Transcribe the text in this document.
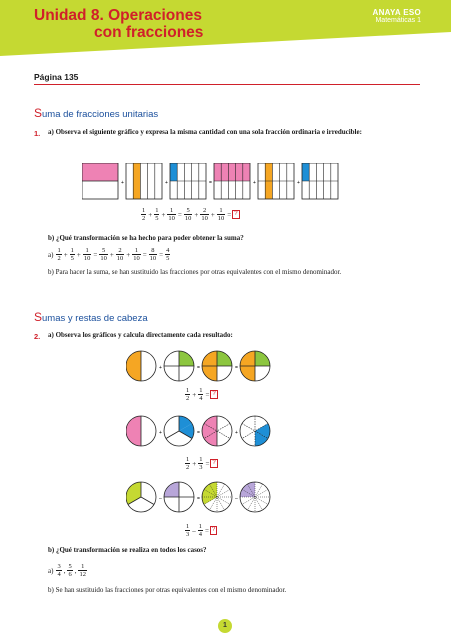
Unidad 8. Operaciones
con fracciones
ANAYA ESO
Matemáticas 1
Página 135
Suma de fracciones unitarias
1. a) Observa el siguiente gráfico y expresa la misma cantidad con una sola fracción ordinaria e irreducible:
+	+	=	+	+
$\frac{1}{2} + \frac{1}{5} + \frac{1}{10} = \frac{5}{10} + \frac{2}{10} + \frac{1}{10}$ = ?
b) ¿Qué transformación se ha hecho para poder obtener la suma?
$a) \frac{1}{2} + \frac{1}{5} + \frac{1}{10} = \frac{5}{10} + \frac{2}{10} + \frac{1}{10} = \frac{8}{10} = \frac{4}{5}$
b) Para hacer la suma, se han sustituido las fracciones por otras equivalentes con el mismo denominador.
Sumas y restas de cabeza
2. a) Observa los gráficos y calcula directamente cada resultado:
+	=	=
$\frac{1}{2} + \frac{1}{4}$ = ?
+	=	+
$\frac{1}{2} + \frac{1}{3}$ = ?
–	=	–
$\frac{1}{3} - \frac{1}{4}$ = ?
b) ¿Qué transformación se realiza en todos los casos?
$a) \frac{3}{4}$ , $\frac{5}{6}$ , $\frac{1}{12}$
b) Se han sustituido las fracciones por otras equivalentes con el mismo denominador.
1
